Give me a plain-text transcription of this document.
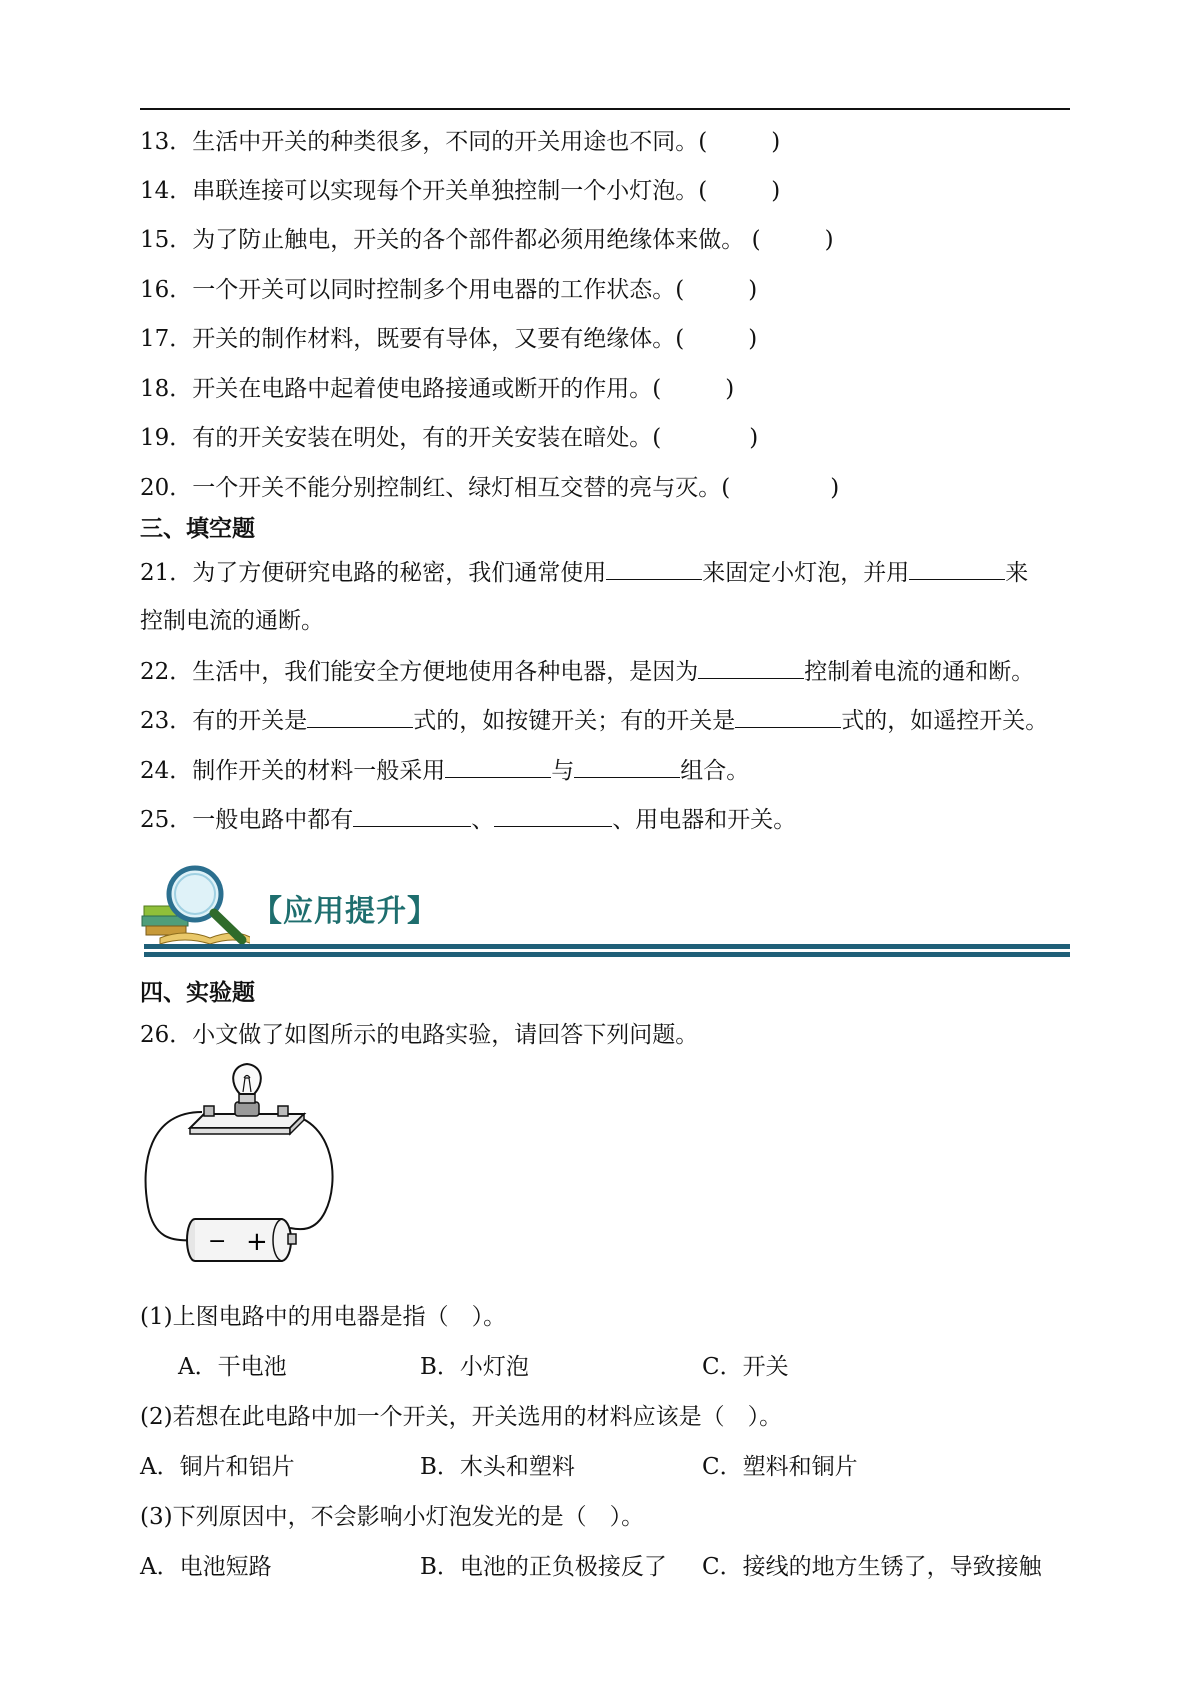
13．生活中开关的种类很多，不同的开关用途也不同。(	)
14．串联连接可以实现每个开关单独控制一个小灯泡。(	)
15．为了防止触电，开关的各个部件都必须用绝缘体来做。 (	)
16．一个开关可以同时控制多个用电器的工作状态。(	)
17．开关的制作材料，既要有导体，又要有绝缘体。(	)
18．开关在电路中起着使电路接通或断开的作用。(	)
19．有的开关安装在明处，有的开关安装在暗处。(	)
20．一个开关不能分别控制红、绿灯相互交替的亮与灭。(	)
三、填空题
21．为了方便研究电路的秘密，我们通常使用	来固定小灯泡，并用	来
控制电流的通断。
22．生活中，我们能安全方便地使用各种电器，是因为	控制着电流的通和断。
23．有的开关是	式的，如按键开关；有的开关是	式的，如遥控开关。
24．制作开关的材料一般采用	与	组合。
25．一般电路中都有	、	、用电器和开关。
【应用提升】
四、实验题
26．小文做了如图所示的电路实验，请回答下列问题。
− +
(1)上图电路中的用电器是指（　）。
A．干电池	B．小灯泡	C．开关
(2)若想在此电路中加一个开关，开关选用的材料应该是（　）。
A．铜片和铝片	B．木头和塑料	C．塑料和铜片
(3)下列原因中，不会影响小灯泡发光的是（　）。
A．电池短路	B．电池的正负极接反了 C．接线的地方生锈了，导致接触
